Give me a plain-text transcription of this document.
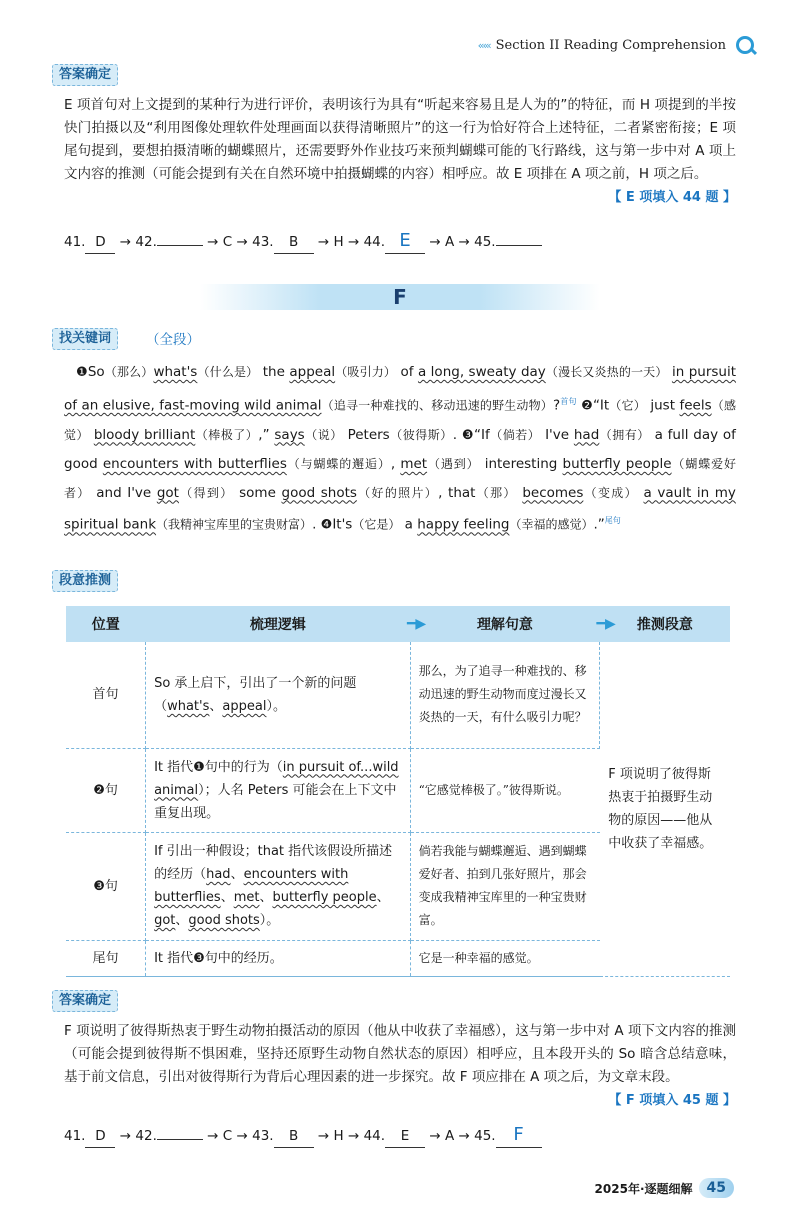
‹‹‹‹‹ Section II Reading Comprehension
答案确定
E 项首句对上文提到的某种行为进行评价，表明该行为具有“听起来容易且是人为的”的特征，而 H 项提到的半按快门拍摄以及“利用图像处理软件处理画面以获得清晰照片”的这一行为恰好符合上述特征，二者紧密衔接；E 项尾句提到，要想拍摄清晰的蝴蝶照片，还需要野外作业技巧来预判蝴蝶可能的飞行路线，这与第一步中对 A 项上文内容的推测（可能会提到有关在自然环境中拍摄蝴蝶的内容）相呼应。故 E 项排在 A 项之前，H 项之后。
【 E 项填入 44 题 】
41. D → 42.	→ C → 43. B → H → 44. E → A → 45.
F
找关键词	（全段）
❶So（那么）what's（什么是） the appeal（吸引力） of a long, sweaty day（漫长又炎热的一天） in pursuit of an elusive, fast-moving wild animal（追寻一种难找的、移动迅速的野生动物）?$^{首句}$ ❷“It（它） just feels（感觉） bloody brilliant（棒极了）,” says（说） Peters（彼得斯）. ❸“If（倘若） I've had（拥有） a full day of good encounters with butterflies（与蝴蝶的邂逅）, met（遇到） interesting butterfly people（蝴蝶爱好者） and I've got（得到） some good shots（好的照片）, that（那） becomes（变成） a vault in my spiritual bank（我精神宝库里的宝贵财富）. ❹It's（它是） a happy feeling（幸福的感觉）.”$^{尾句}$
段意推测
位置	梳理逻辑 ━▶	理解句意 ━▶	推测段意
首句	So 承上启下，引出了一个新的问题（what's、appeal）。	那么，为了追寻一种难找的、移动迅速的野生动物而度过漫长又炎热的一天，有什么吸引力呢？	F 项说明了彼得斯热衷于拍摄野生动物的原因——他从中收获了幸福感。
❷句	It 指代❶句中的行为（in pursuit of...wild animal）；人名 Peters 可能会在上下文中重复出现。	“它感觉棒极了。”彼得斯说。	
❸句	If 引出一种假设；that 指代该假设所描述的经历（had、encounters with butterflies、met、butterfly people、got、good shots）。	倘若我能与蝴蝶邂逅、遇到蝴蝶爱好者、拍到几张好照片，那会变成我精神宝库里的一种宝贵财富。	
尾句	It 指代❸句中的经历。	它是一种幸福的感觉。	
答案确定
F 项说明了彼得斯热衷于野生动物拍摄活动的原因（他从中收获了幸福感），这与第一步中对 A 项下文内容的推测（可能会提到彼得斯不惧困难，坚持还原野生动物自然状态的原因）相呼应，且本段开头的 So 暗含总结意味，基于前文信息，引出对彼得斯行为背后心理因素的进一步探究。故 F 项应排在 A 项之后，为文章末段。
【 F 项填入 45 题 】
41. D → 42.	→ C → 43. B → H → 44. E → A → 45. F
2025年·逐题细解	45
